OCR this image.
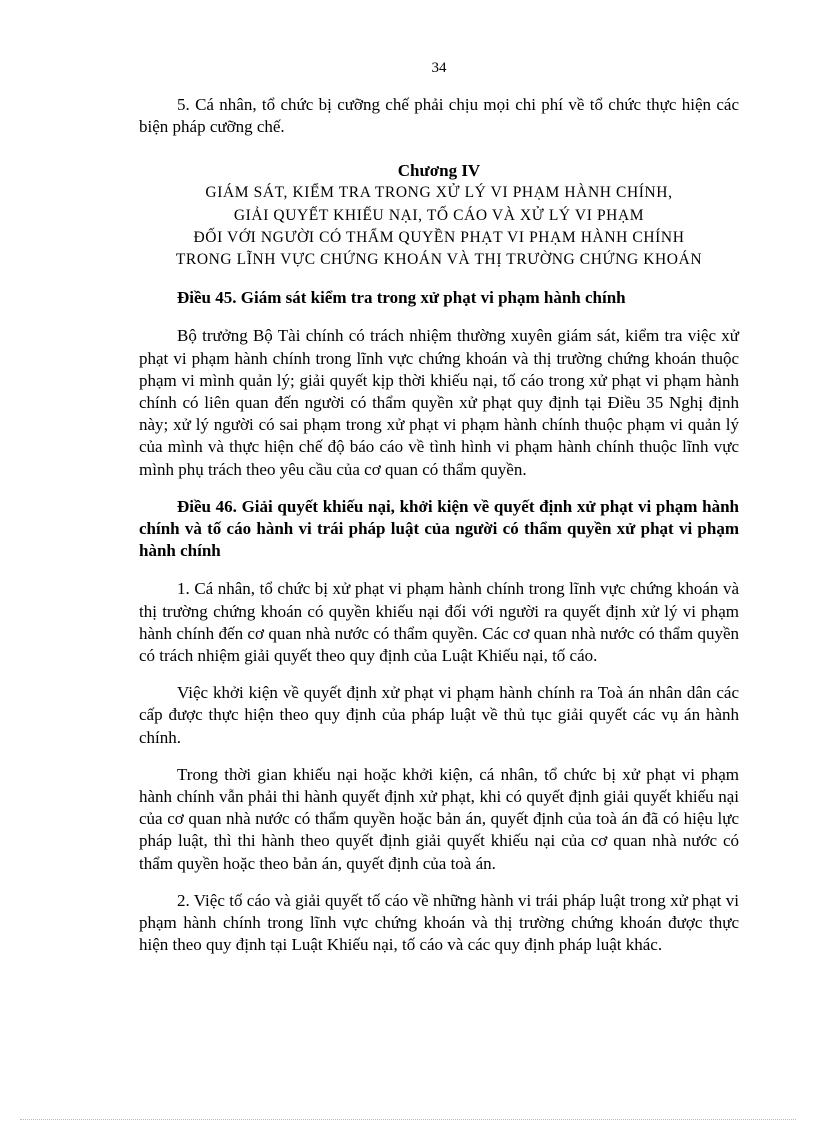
34

5. Cá nhân, tổ chức bị cưỡng chế phải chịu mọi chi phí về tổ chức thực hiện các biện pháp cưỡng chế.

Chương IV
GIÁM SÁT, KIỂM TRA TRONG XỬ LÝ VI PHẠM HÀNH CHÍNH,
GIẢI QUYẾT KHIẾU NẠI, TỐ CÁO VÀ XỬ LÝ VI PHẠM
ĐỐI VỚI NGƯỜI CÓ THẨM QUYỀN PHẠT VI PHẠM HÀNH CHÍNH
TRONG LĨNH VỰC CHỨNG KHOÁN VÀ THỊ TRƯỜNG CHỨNG KHOÁN
Điều 45. Giám sát kiểm tra trong xử phạt vi phạm hành chính

Bộ trưởng Bộ Tài chính có trách nhiệm thường xuyên giám sát, kiểm tra việc xử phạt vi phạm hành chính trong lĩnh vực chứng khoán và thị trường chứng khoán thuộc phạm vi mình quản lý; giải quyết kịp thời khiếu nại, tố cáo trong xử phạt vi phạm hành chính có liên quan đến người có thẩm quyền xử phạt quy định tại Điều 35 Nghị định này; xử lý người có sai phạm trong xử phạt vi phạm hành chính thuộc phạm vi quản lý của mình và thực hiện chế độ báo cáo về tình hình vi phạm hành chính thuộc lĩnh vực mình phụ trách theo yêu cầu của cơ quan có thẩm quyền.

Điều 46. Giải quyết khiếu nại, khởi kiện về quyết định xử phạt vi phạm hành chính và tố cáo hành vi trái pháp luật của người có thẩm quyền xử phạt vi phạm hành chính

1. Cá nhân, tổ chức bị xử phạt vi phạm hành chính trong lĩnh vực chứng khoán và thị trường chứng khoán có quyền khiếu nại đối với người ra quyết định xử lý vi phạm hành chính đến cơ quan nhà nước có thẩm quyền. Các cơ quan nhà nước có thẩm quyền có trách nhiệm giải quyết theo quy định của Luật Khiếu nại, tố cáo.

Việc khởi kiện về quyết định xử phạt vi phạm hành chính ra Toà án nhân dân các cấp được thực hiện theo quy định của pháp luật về thủ tục giải quyết các vụ án hành chính.

Trong thời gian khiếu nại hoặc khởi kiện, cá nhân, tổ chức bị xử phạt vi phạm hành chính vẫn phải thi hành quyết định xử phạt, khi có quyết định giải quyết khiếu nại của cơ quan nhà nước có thẩm quyền hoặc bản án, quyết định của toà án đã có hiệu lực pháp luật, thì thi hành theo quyết định giải quyết khiếu nại của cơ quan nhà nước có thẩm quyền hoặc theo bản án, quyết định của toà án.

2. Việc tố cáo và giải quyết tố cáo về những hành vi trái pháp luật trong xử phạt vi phạm hành chính trong lĩnh vực chứng khoán và thị trường chứng khoán được thực hiện theo quy định tại Luật Khiếu nại, tố cáo và các quy định pháp luật khác.
